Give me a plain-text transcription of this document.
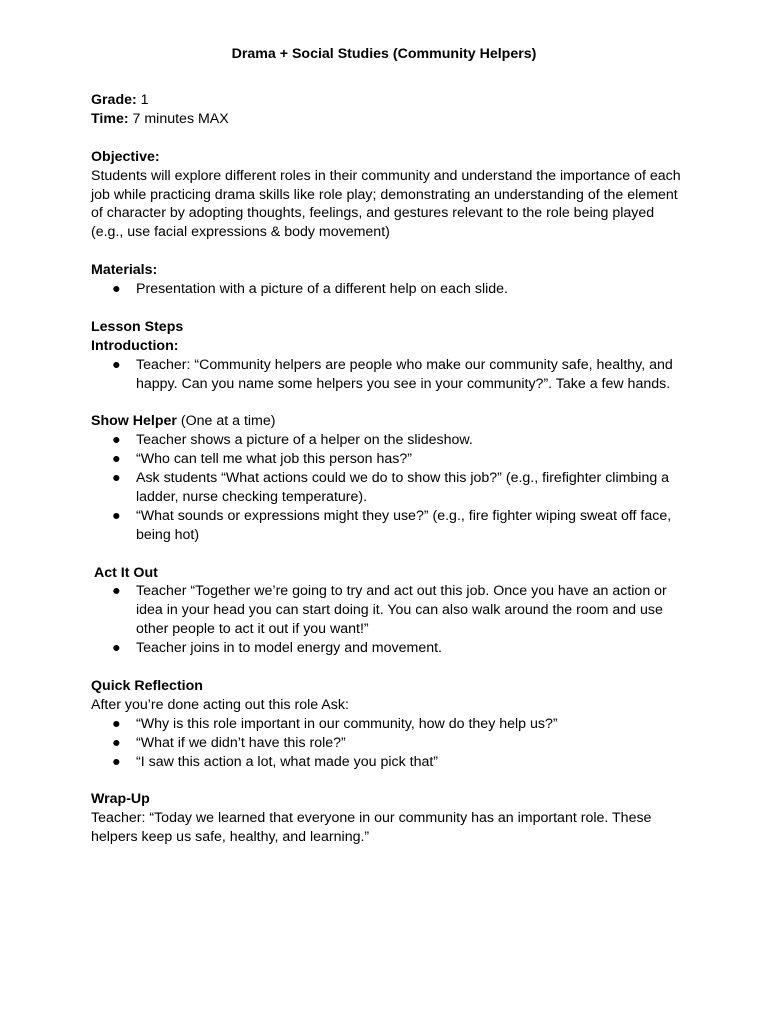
Drama + Social Studies (Community Helpers)
Grade: 1
Time: 7 minutes MAX
Objective:
Students will explore different roles in their community and understand the importance of each
job while practicing drama skills like role play; demonstrating an understanding of the element
of character by adopting thoughts, feelings, and gestures relevant to the role being played
(e.g., use facial expressions & body movement)
Materials:
● Presentation with a picture of a different help on each slide.
Lesson Steps
Introduction:
● Teacher: “Community helpers are people who make our community safe, healthy, and
happy. Can you name some helpers you see in your community?”. Take a few hands.
Show Helper (One at a time)
● Teacher shows a picture of a helper on the slideshow.
● “Who can tell me what job this person has?”
● Ask students “What actions could we do to show this job?” (e.g., firefighter climbing a
ladder, nurse checking temperature).
● “What sounds or expressions might they use?” (e.g., fire fighter wiping sweat off face,
being hot)
Act It Out
● Teacher “Together we’re going to try and act out this job. Once you have an action or
idea in your head you can start doing it. You can also walk around the room and use
other people to act it out if you want!”
● Teacher joins in to model energy and movement.
Quick Reflection
After you’re done acting out this role Ask:
● “Why is this role important in our community, how do they help us?”
● “What if we didn’t have this role?”
● “I saw this action a lot, what made you pick that”
Wrap-Up
Teacher: “Today we learned that everyone in our community has an important role. These
helpers keep us safe, healthy, and learning.”
